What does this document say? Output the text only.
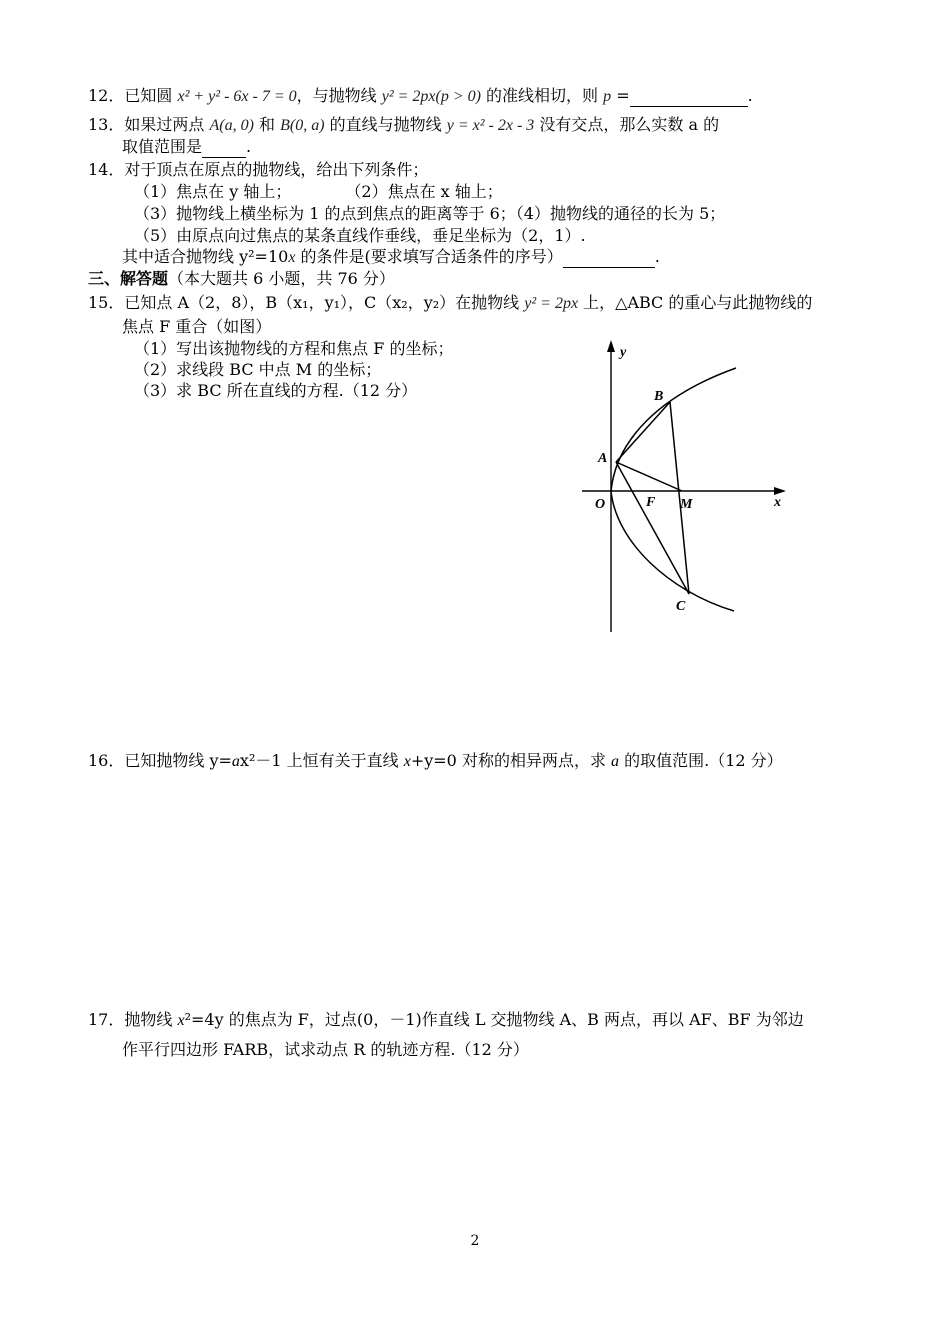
12．已知圆 x² + y² - 6x - 7 = 0，与抛物线 y² = 2px(p > 0) 的准线相切，则 p =	.
13．如果过两点 A(a, 0) 和 B(0, a) 的直线与抛物线 y = x² - 2x - 3 没有交点，那么实数 a 的
取值范围是	.
14．对于顶点在原点的抛物线，给出下列条件；
（1）焦点在 y 轴上；	（2）焦点在 x 轴上；
（3）抛物线上横坐标为 1 的点到焦点的距离等于 6；（4）抛物线的通径的长为 5；
（5）由原点向过焦点的某条直线作垂线，垂足坐标为（2，1）.
其中适合抛物线 y²=10x 的条件是(要求填写合适条件的序号）	.
三、解答题（本大题共 6 小题，共 76 分）
15．已知点 A（2，8），B（x₁，y₁），C（x₂，y₂）在抛物线 y² = 2px 上，△ABC 的重心与此抛物线的
焦点 F 重合（如图）
（1）写出该抛物线的方程和焦点 F 的坐标；
（2）求线段 BC 中点 M 的坐标；
（3）求 BC 所在直线的方程.（12 分）
y
x
B
A
O	F M
C
16．已知抛物线 y=ax²－1 上恒有关于直线 x+y=0 对称的相异两点，求 a 的取值范围.（12 分）
17．抛物线 x²=4y 的焦点为 F，过点(0，－1)作直线 L 交抛物线 A、B 两点，再以 AF、BF 为邻边
作平行四边形 FARB，试求动点 R 的轨迹方程.（12 分）
2
